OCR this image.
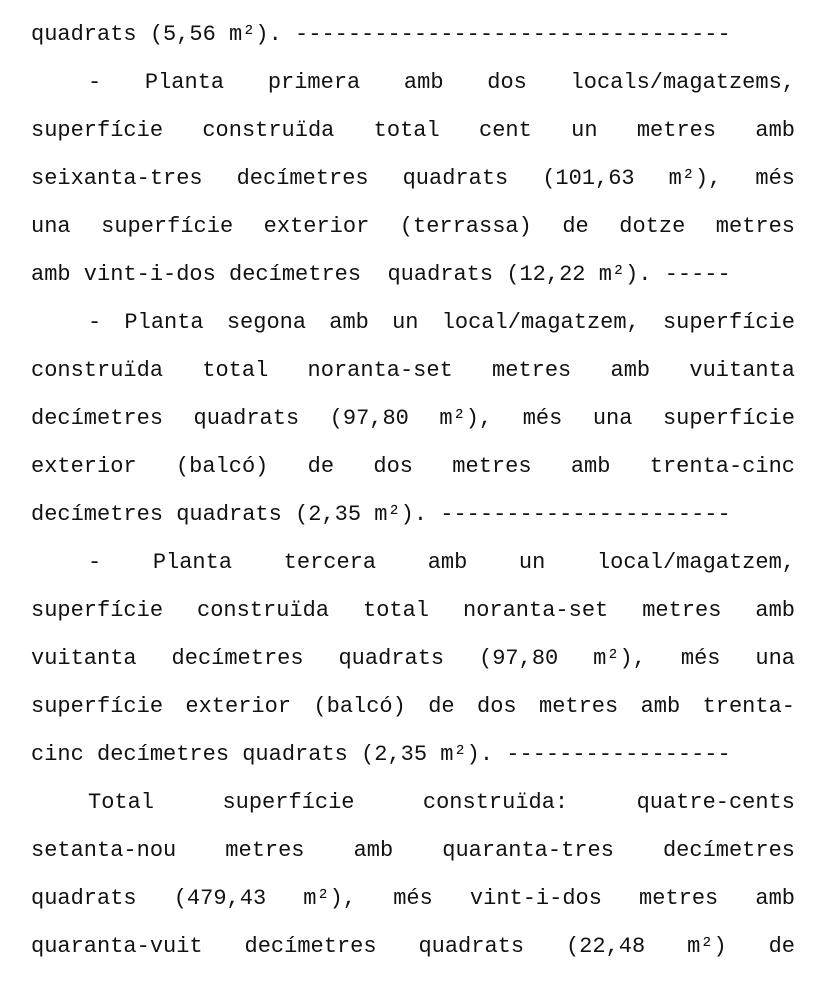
quadrats (5,56 m²). ---------------------------------
- Planta primera amb dos locals/magatzems,
superfície construïda total cent un metres amb
seixanta-tres decímetres quadrats (101,63 m²), més
una superfície exterior (terrassa) de dotze metres
amb vint-i-dos decímetres  quadrats (12,22 m²). -----
- Planta segona amb un local/magatzem, superfície
construïda total noranta-set metres amb vuitanta
decímetres quadrats (97,80 m²), més una superfície
exterior (balcó) de dos metres amb trenta-cinc
decímetres quadrats (2,35 m²). ----------------------
- Planta tercera amb un local/magatzem,
superfície construïda total noranta-set metres amb
vuitanta decímetres quadrats (97,80 m²), més una
superfície exterior (balcó) de dos metres amb trenta-
cinc decímetres quadrats (2,35 m²). -----------------
Total superfície construïda: quatre-cents
setanta-nou metres amb quaranta-tres decímetres
quadrats (479,43 m²), més vint-i-dos metres amb
quaranta-vuit decímetres quadrats (22,48 m²) de
